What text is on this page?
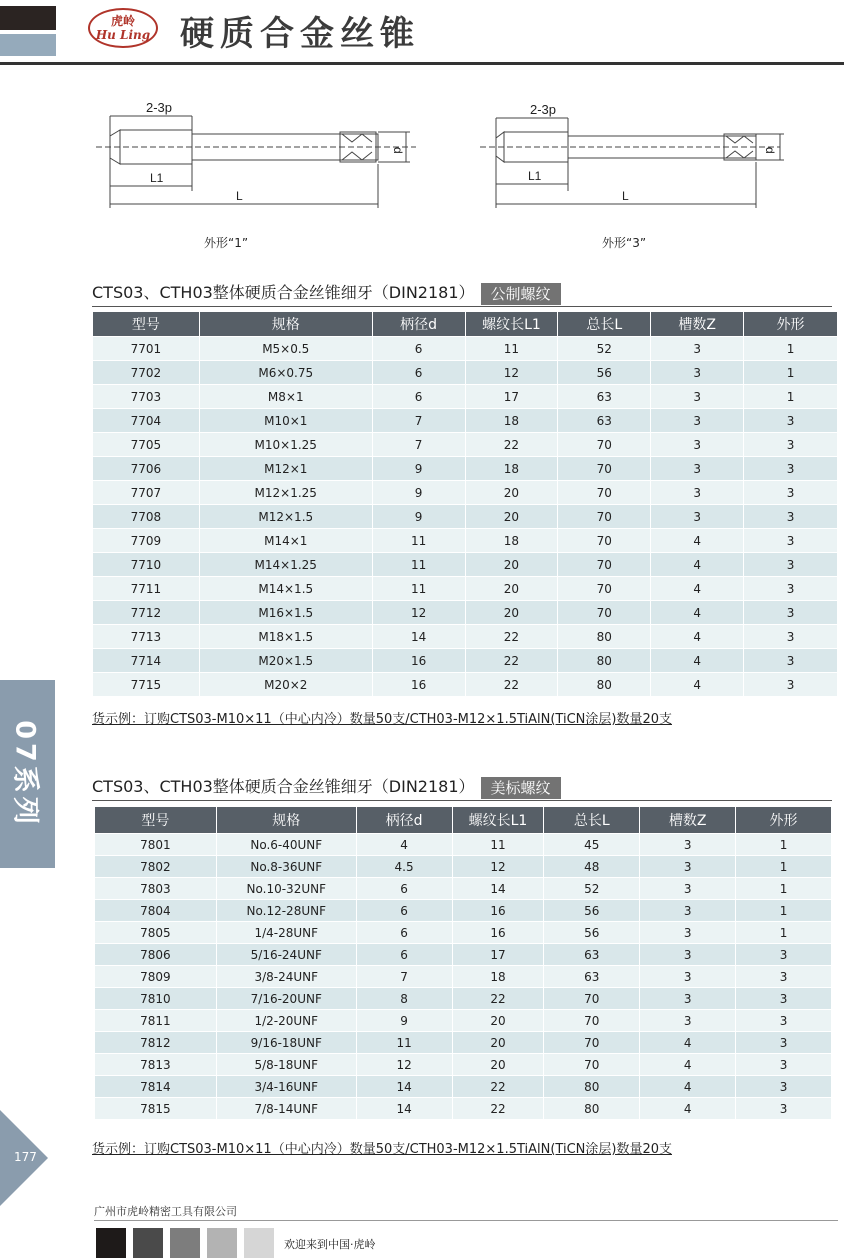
虎岭
Hu Ling 硬质合金丝锥
07系列
177
2-3p
L1
L
d
外形“1”
2-3p
L1
L
d
外形“3”
CTS03、CTH03整体硬质合金丝锥细牙（DIN2181） 公制螺纹
型号	规格	柄径d	螺纹长L1	总长L	槽数Z	外形
7701	M5×0.5	6	11	52	3	1
7702	M6×0.75	6	12	56	3	1
7703	M8×1	6	17	63	3	1
7704	M10×1	7	18	63	3	3
7705	M10×1.25	7	22	70	3	3
7706	M12×1	9	18	70	3	3
7707	M12×1.25	9	20	70	3	3
7708	M12×1.5	9	20	70	3	3
7709	M14×1	11	18	70	4	3
7710	M14×1.25	11	20	70	4	3
7711	M14×1.5	11	20	70	4	3
7712	M16×1.5	12	20	70	4	3
7713	M18×1.5	14	22	80	4	3
7714	M20×1.5	16	22	80	4	3
7715	M20×2	16	22	80	4	3
货示例：订购CTS03-M10×11（中心内冷）数量50支/CTH03-M12×1.5TiAlN(TiCN涂层)数量20支
CTS03、CTH03整体硬质合金丝锥细牙（DIN2181） 美标螺纹
型号	规格	柄径d	螺纹长L1	总长L	槽数Z	外形
7801	No.6-40UNF	4	11	45	3	1
7802	No.8-36UNF	4.5	12	48	3	1
7803	No.10-32UNF	6	14	52	3	1
7804	No.12-28UNF	6	16	56	3	1
7805	1/4-28UNF	6	16	56	3	1
7806	5/16-24UNF	6	17	63	3	3
7809	3/8-24UNF	7	18	63	3	3
7810	7/16-20UNF	8	22	70	3	3
7811	1/2-20UNF	9	20	70	3	3
7812	9/16-18UNF	11	20	70	4	3
7813	5/8-18UNF	12	20	70	4	3
7814	3/4-16UNF	14	22	80	4	3
7815	7/8-14UNF	14	22	80	4	3
货示例：订购CTS03-M10×11（中心内冷）数量50支/CTH03-M12×1.5TiAlN(TiCN涂层)数量20支
广州市虎岭精密工具有限公司
欢迎来到中国·虎岭
